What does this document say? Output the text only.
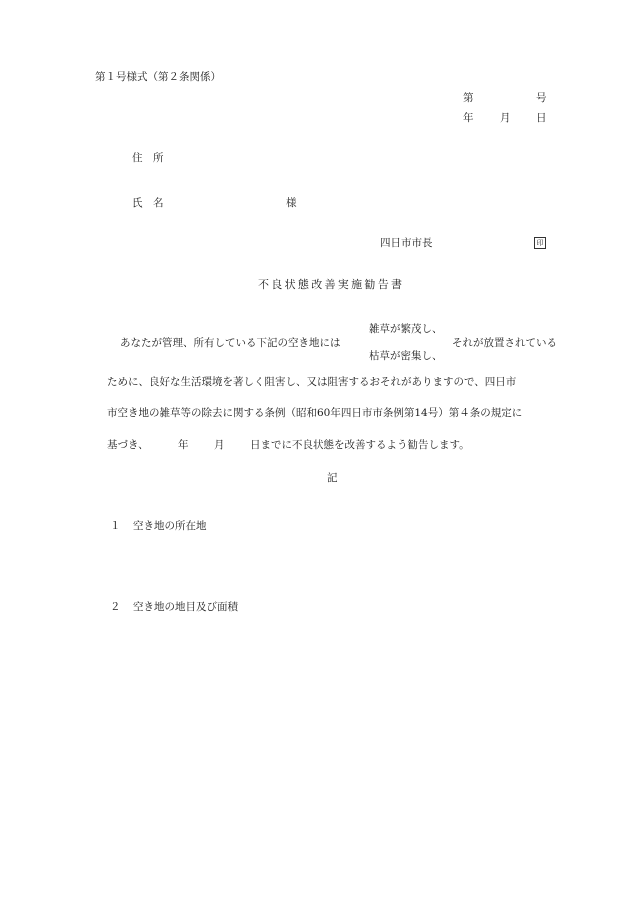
第１号様式（第２条関係）
第	号
年	月 日
住　所
氏　名	様
四日市市長	印
不良状態改善実施勧告書
雑草が繁茂し、
あなたが管理、所有している下記の空き地には	それが放置されている
枯草が密集し、
ために、良好な生活環境を著しく阻害し、又は阻害するおそれがありますので、四日市
市空き地の雑草等の除去に関する条例（昭和60年四日市市条例第14号）第４条の規定に
基づき、	年 月 日までに不良状態を改善するよう勧告します。
記
１ 空き地の所在地
２ 空き地の地目及び面積
